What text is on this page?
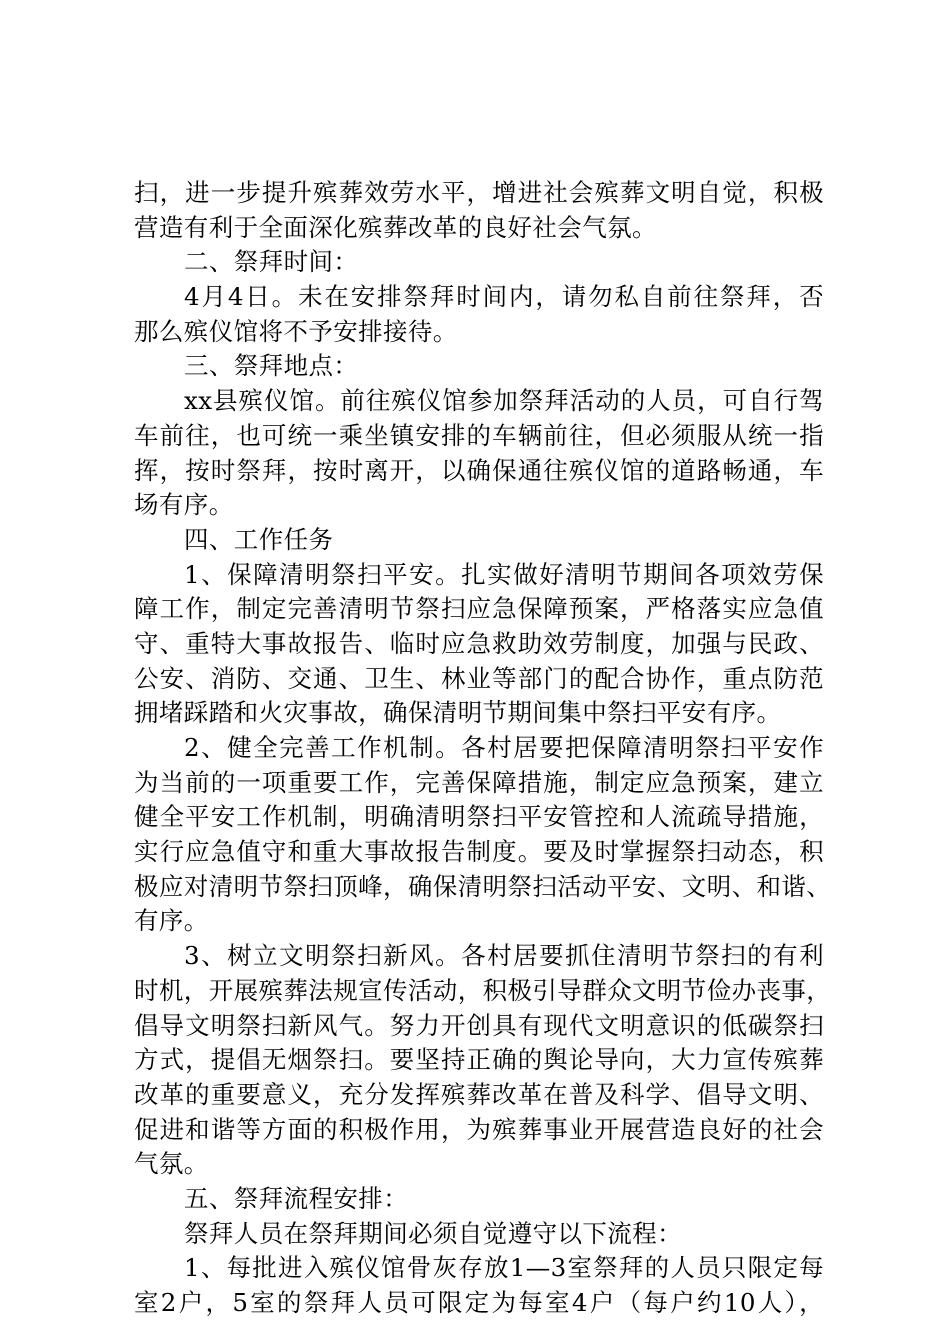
扫，进一步提升殡葬效劳水平，增进社会殡葬文明自觉，积极
营造有利于全面深化殡葬改革的良好社会气氛。
二、祭拜时间：
4月4日。未在安排祭拜时间内，请勿私自前往祭拜，否
那么殡仪馆将不予安排接待。
三、祭拜地点：
xx县殡仪馆。前往殡仪馆参加祭拜活动的人员，可自行驾
车前往，也可统一乘坐镇安排的车辆前往，但必须服从统一指
挥，按时祭拜，按时离开，以确保通往殡仪馆的道路畅通，车
场有序。
四、工作任务
1、保障清明祭扫平安。扎实做好清明节期间各项效劳保
障工作，制定完善清明节祭扫应急保障预案，严格落实应急值
守、重特大事故报告、临时应急救助效劳制度，加强与民政、
公安、消防、交通、卫生、林业等部门的配合协作，重点防范
拥堵踩踏和火灾事故，确保清明节期间集中祭扫平安有序。
2、健全完善工作机制。各村居要把保障清明祭扫平安作
为当前的一项重要工作，完善保障措施，制定应急预案，建立
健全平安工作机制，明确清明祭扫平安管控和人流疏导措施，
实行应急值守和重大事故报告制度。要及时掌握祭扫动态，积
极应对清明节祭扫顶峰，确保清明祭扫活动平安、文明、和谐、
有序。
3、树立文明祭扫新风。各村居要抓住清明节祭扫的有利
时机，开展殡葬法规宣传活动，积极引导群众文明节俭办丧事，
倡导文明祭扫新风气。努力开创具有现代文明意识的低碳祭扫
方式，提倡无烟祭扫。要坚持正确的舆论导向，大力宣传殡葬
改革的重要意义，充分发挥殡葬改革在普及科学、倡导文明、
促进和谐等方面的积极作用，为殡葬事业开展营造良好的社会
气氛。
五、祭拜流程安排：
祭拜人员在祭拜期间必须自觉遵守以下流程：
1、每批进入殡仪馆骨灰存放1—3室祭拜的人员只限定每
室2户，5室的祭拜人员可限定为每室4户（每户约10人），
